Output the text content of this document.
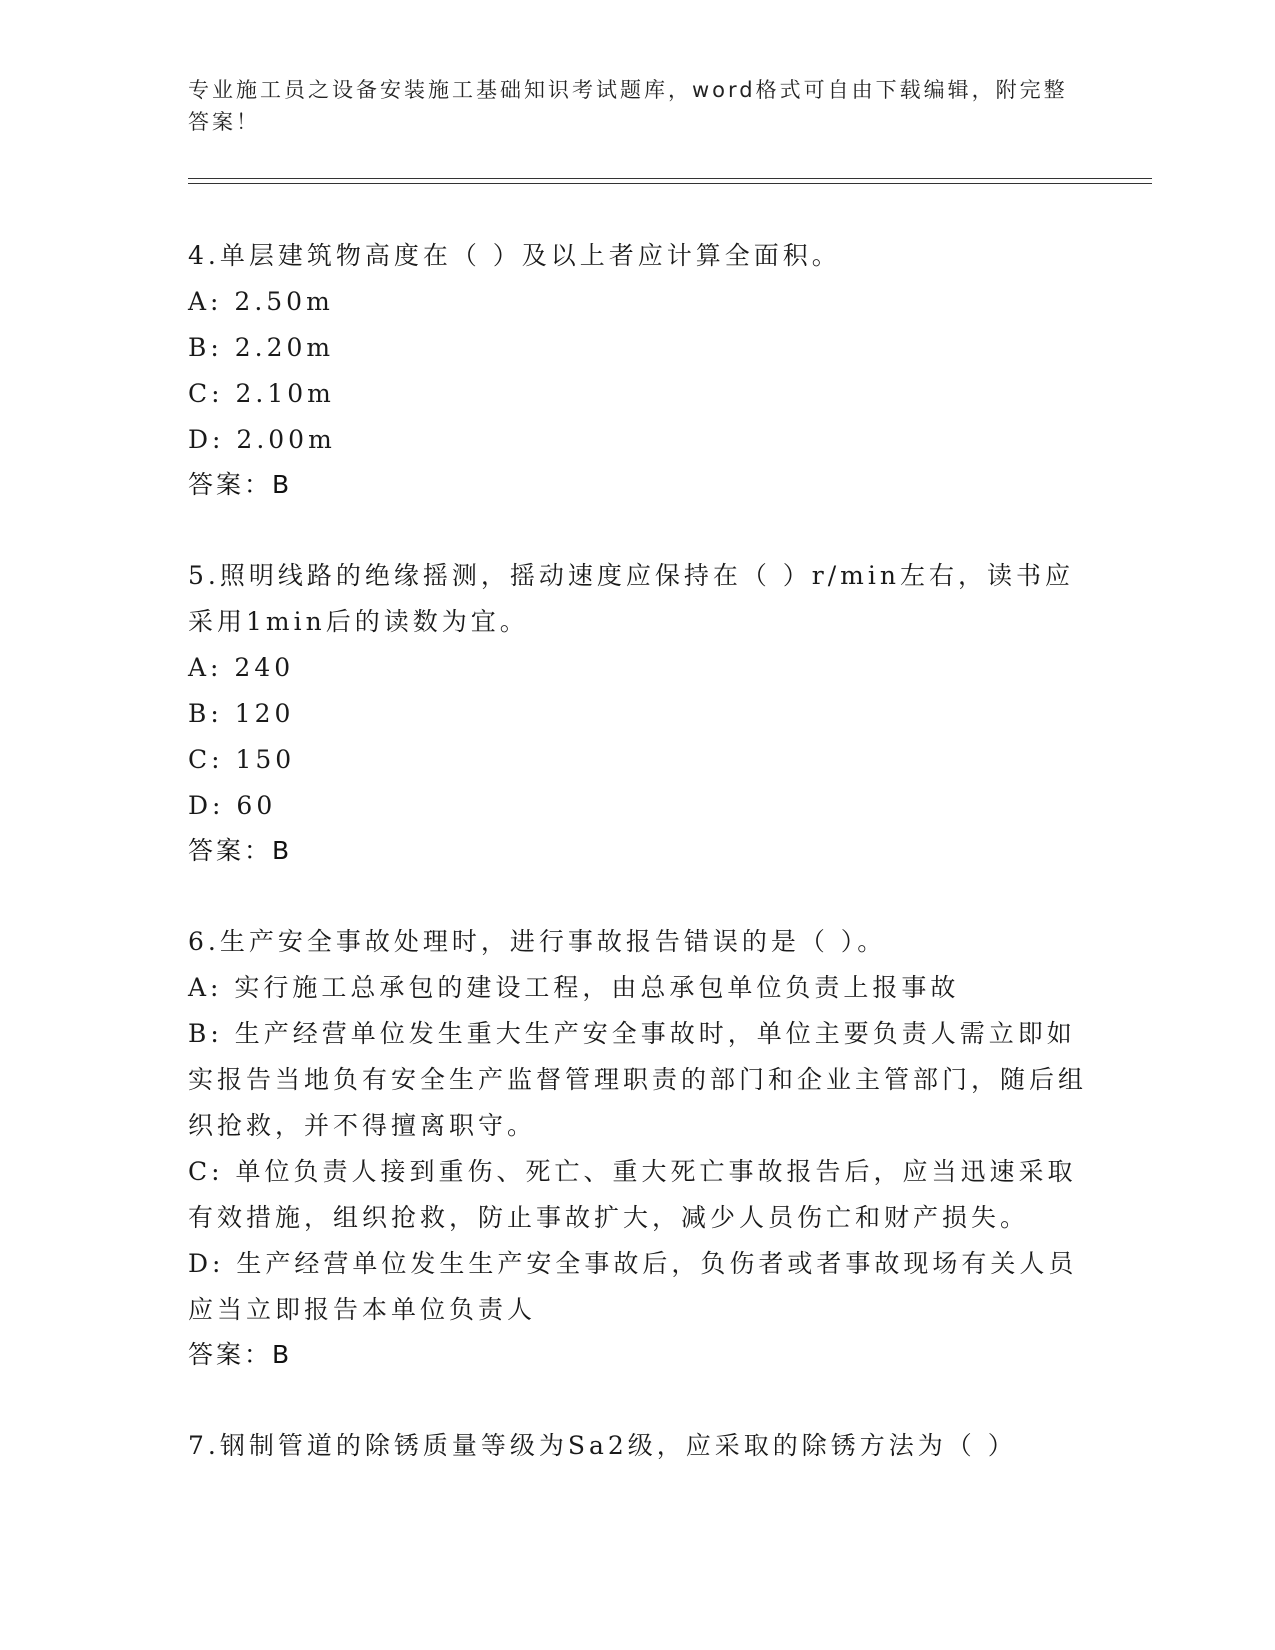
专业施工员之设备安装施工基础知识考试题库，word格式可自由下载编辑，附完整答案！
4.单层建筑物高度在（ ）及以上者应计算全面积。
A: 2.50m
B: 2.20m
C: 2.10m
D: 2.00m
答案：B
5.照明线路的绝缘摇测，摇动速度应保持在（ ）r/min左右，读书应采用1min后的读数为宜。
A: 240
B: 120
C: 150
D: 60
答案：B
6.生产安全事故处理时，进行事故报告错误的是（ ）。
A: 实行施工总承包的建设工程，由总承包单位负责上报事故
B: 生产经营单位发生重大生产安全事故时，单位主要负责人需立即如实报告当地负有安全生产监督管理职责的部门和企业主管部门，随后组织抢救，并不得擅离职守。
C: 单位负责人接到重伤、死亡、重大死亡事故报告后，应当迅速采取有效措施，组织抢救，防止事故扩大，减少人员伤亡和财产损失。
D: 生产经营单位发生生产安全事故后，负伤者或者事故现场有关人员应当立即报告本单位负责人
答案：B
7.钢制管道的除锈质量等级为Sa2级，应采取的除锈方法为（ ）
